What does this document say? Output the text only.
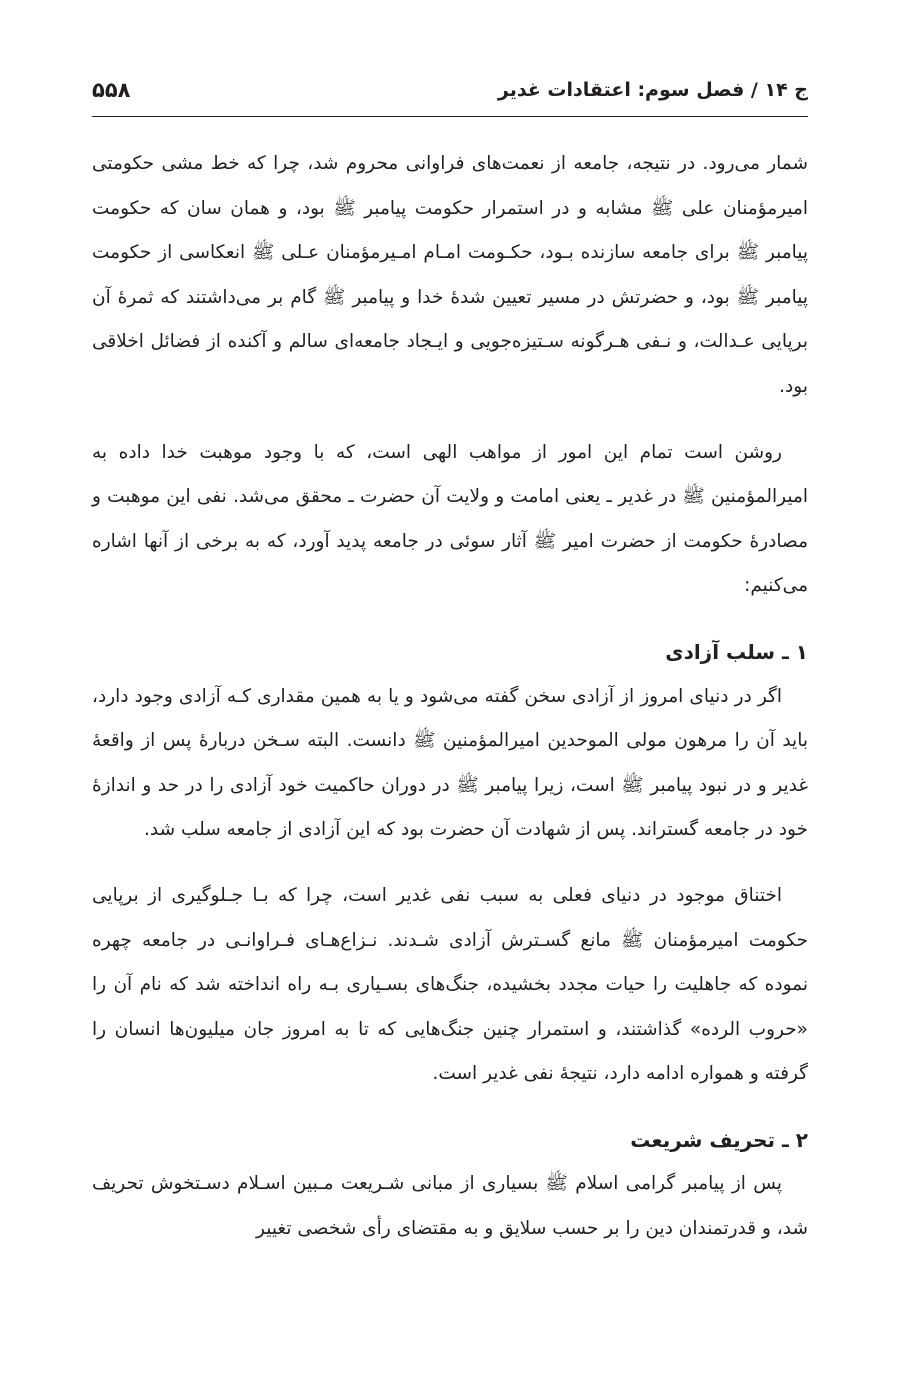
ج ۱۴ / فصل سوم: اعتقادات غدیر
۵۵۸

شمار می‌رود. در نتیجه، جامعه از نعمت‌های فراوانی محروم شد، چرا که خط مشی حکومتی امیرمؤمنان علی ﷺ مشابه و در استمرار حکومت پیامبر ﷺ بود، و همان سان که حکومت پیامبر ﷺ برای جامعه سازنده بـود، حکـومت امـام امـیرمؤمنان عـلی ﷺ انعکاسی از حکومت پیامبر ﷺ بود، و حضرتش در مسیر تعیین شدهٔ خدا و پیامبر ﷺ گام بر می‌داشتند که ثمرهٔ آن برپایی عـدالت، و نـفی هـرگونه سـتیزه‌جویی و ایـجاد جامعه‌ای سالم و آکنده از فضائل اخلاقی بود.

روشن است تمام این امور از مواهب الهی است، که با وجود موهبت خدا داده به امیرالمؤمنین ﷺ در غدیر ـ یعنی امامت و ولایت آن حضرت ـ محقق می‌شد. نفی این موهبت و مصادرهٔ حکومت از حضرت امیر ﷺ آثار سوئی در جامعه پدید آورد، که به برخی از آنها اشاره می‌کنیم:

۱ ـ سلب آزادی

اگر در دنیای امروز از آزادی سخن گفته می‌شود و یا به همین مقداری کـه آزادی وجود دارد، باید آن را مرهون مولی الموحدین امیرالمؤمنین ﷺ دانست. البته سـخن دربارهٔ پس از واقعهٔ غدیر و در نبود پیامبر ﷺ است، زیرا پیامبر ﷺ در دوران حاکمیت خود آزادی را در حد و اندازهٔ خود در جامعه گستراند. پس از شهادت آن حضرت بود که این آزادی از جامعه سلب شد.

اختناق موجود در دنیای فعلی به سبب نفی غدیر است، چرا که بـا جـلوگیری از برپایی حکومت امیرمؤمنان ﷺ مانع گسـترش آزادی شـدند. نـزاع‌هـای فـراوانـی در جامعه چهره نموده که جاهلیت را حیات مجدد بخشیده، جنگ‌های بسـیاری بـه راه انداخته شد که نام آن را «حروب الرده» گذاشتند، و استمرار چنین جنگ‌هایی که تا به امروز جان میلیون‌ها انسان را گرفته و همواره ادامه دارد، نتیجهٔ نفی غدیر است.

۲ ـ تحریف شریعت

پس از پیامبر گرامی اسلام ﷺ بسیاری از مبانی شـریعت مـبین اسـلام دسـتخوش تحریف شد، و قدرتمندان دین را بر حسب سلایق و به مقتضای رأی شخصی تغییر
